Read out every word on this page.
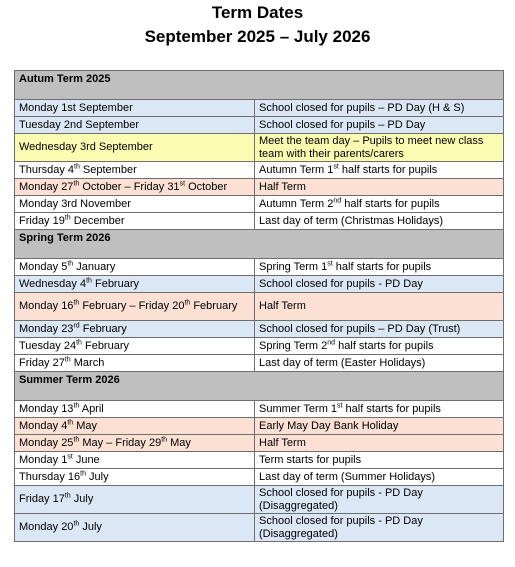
Term Dates
September 2025 – July 2026
Autum Term 2025	
Monday 1st September	School closed for pupils – PD Day (H & S)
Tuesday 2nd September	School closed for pupils – PD Day
Wednesday 3rd September	Meet the team day – Pupils to meet new class team with their parents/carers
Thursday 4th September	Autumn Term 1st half starts for pupils
Monday 27th October – Friday 31st October	Half Term
Monday 3rd November	Autumn Term 2nd half starts for pupils
Friday 19th December	Last day of term (Christmas Holidays)
Spring Term 2026	
Monday 5th January	Spring Term 1st half starts for pupils
Wednesday 4th February	School closed for pupils - PD Day
Monday 16th February – Friday 20th February	Half Term
Monday 23rd February	School closed for pupils – PD Day (Trust)
Tuesday 24th February	Spring Term 2nd half starts for pupils
Friday 27th March	Last day of term (Easter Holidays)
Summer Term 2026	
Monday 13th April	Summer Term 1st half starts for pupils
Monday 4th May	Early May Day Bank Holiday
Monday 25th May – Friday 29th May	Half Term
Monday 1st June	Term starts for pupils
Thursday 16th July	Last day of term (Summer Holidays)
Friday 17th July	School closed for pupils - PD Day (Disaggregated)
Monday 20th July	School closed for pupils - PD Day (Disaggregated)
